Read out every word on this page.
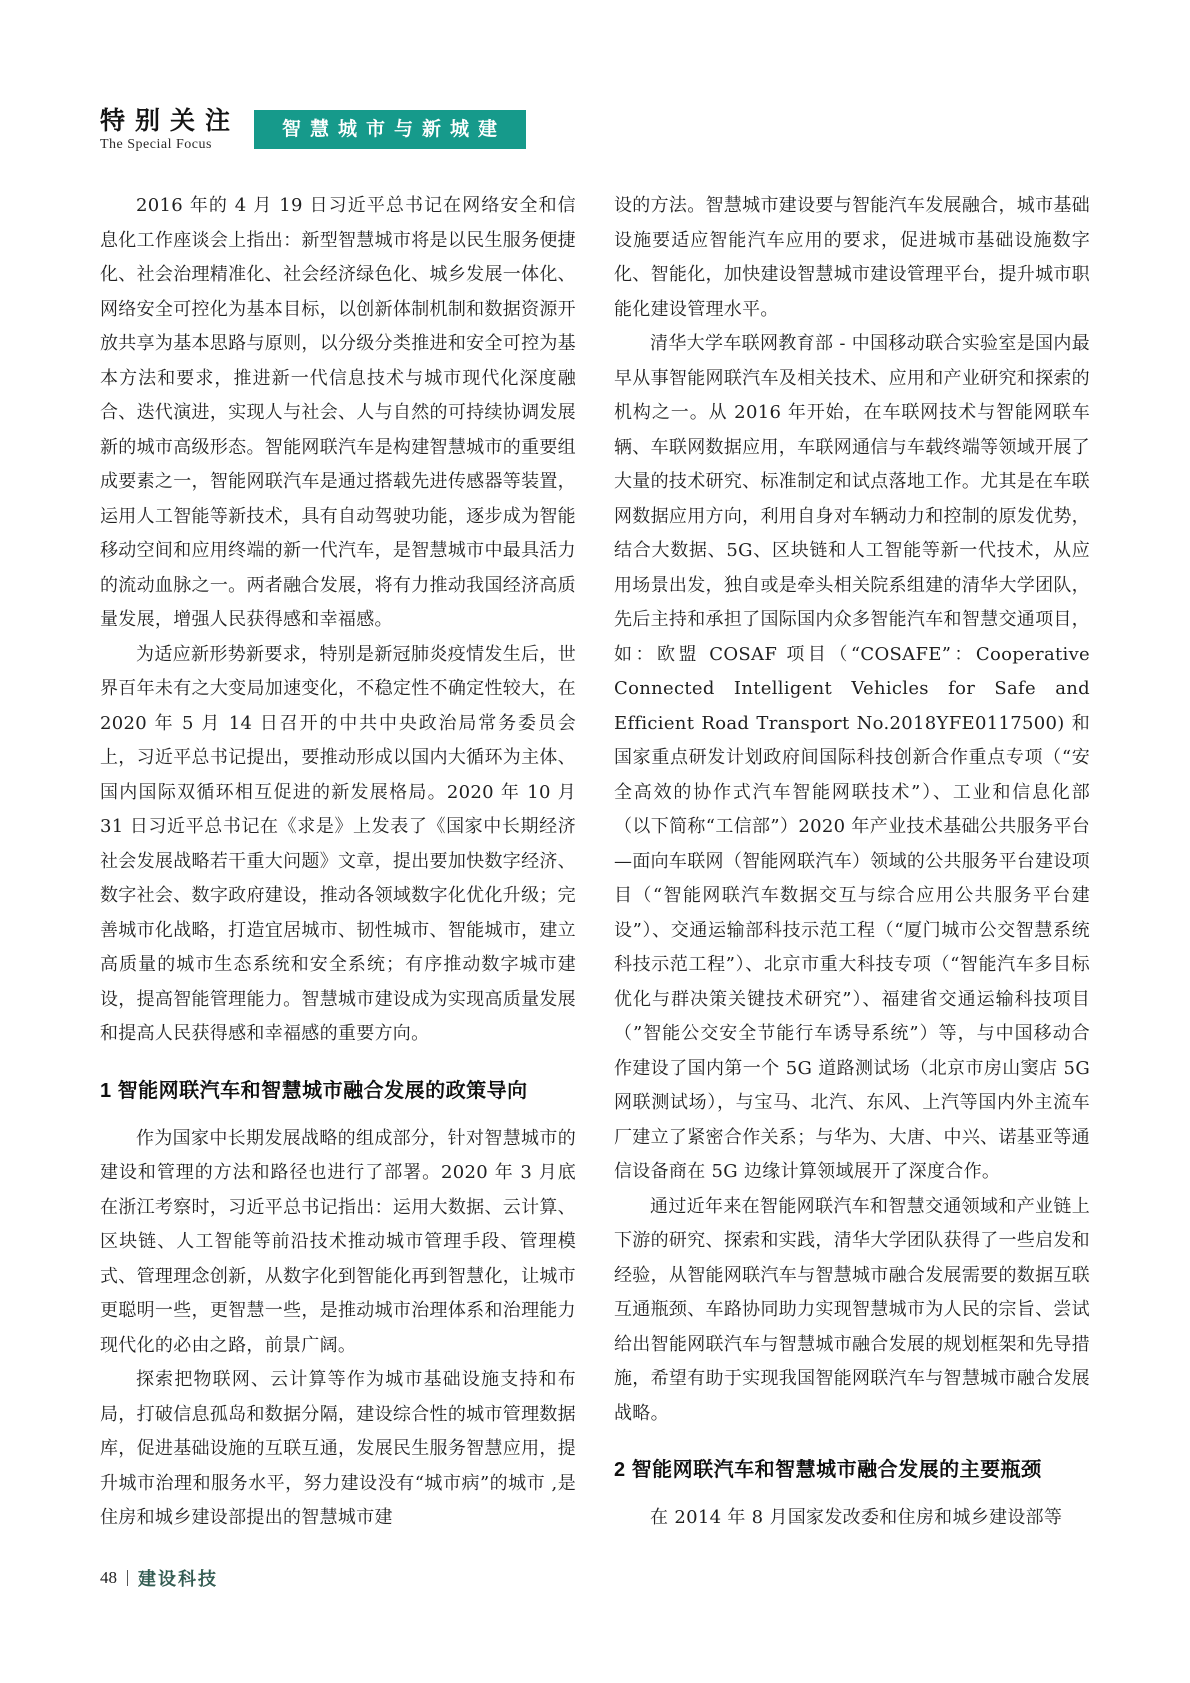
特别关注
The Special Focus
智慧城市与新城建

2016 年的 4 月 19 日习近平总书记在网络安全和信息化工作座谈会上指出：新型智慧城市将是以民生服务便捷化、社会治理精准化、社会经济绿色化、城乡发展一体化、网络安全可控化为基本目标，以创新体制机制和数据资源开放共享为基本思路与原则，以分级分类推进和安全可控为基本方法和要求，推进新一代信息技术与城市现代化深度融合、迭代演进，实现人与社会、人与自然的可持续协调发展新的城市高级形态。智能网联汽车是构建智慧城市的重要组成要素之一，智能网联汽车是通过搭载先进传感器等装置，运用人工智能等新技术，具有自动驾驶功能，逐步成为智能移动空间和应用终端的新一代汽车，是智慧城市中最具活力的流动血脉之一。两者融合发展，将有力推动我国经济高质量发展，增强人民获得感和幸福感。

为适应新形势新要求，特别是新冠肺炎疫情发生后，世界百年未有之大变局加速变化，不稳定性不确定性较大，在 2020 年 5 月 14 日召开的中共中央政治局常务委员会上，习近平总书记提出，要推动形成以国内大循环为主体、国内国际双循环相互促进的新发展格局。2020 年 10 月 31 日习近平总书记在《求是》上发表了《国家中长期经济社会发展战略若干重大问题》文章，提出要加快数字经济、数字社会、数字政府建设，推动各领域数字化优化升级；完善城市化战略，打造宜居城市、韧性城市、智能城市，建立高质量的城市生态系统和安全系统；有序推动数字城市建设，提高智能管理能力。智慧城市建设成为实现高质量发展和提高人民获得感和幸福感的重要方向。

1 智能网联汽车和智慧城市融合发展的政策导向

作为国家中长期发展战略的组成部分，针对智慧城市的建设和管理的方法和路径也进行了部署。2020 年 3 月底在浙江考察时，习近平总书记指出：运用大数据、云计算、区块链、人工智能等前沿技术推动城市管理手段、管理模式、管理理念创新，从数字化到智能化再到智慧化，让城市更聪明一些，更智慧一些，是推动城市治理体系和治理能力现代化的必由之路，前景广阔。

探索把物联网、云计算等作为城市基础设施支持和布局，打破信息孤岛和数据分隔，建设综合性的城市管理数据库，促进基础设施的互联互通，发展民生服务智慧应用，提升城市治理和服务水平，努力建设没有“城市病”的城市 ,是住房和城乡建设部提出的智慧城市建

设的方法。智慧城市建设要与智能汽车发展融合，城市基础设施要适应智能汽车应用的要求，促进城市基础设施数字化、智能化，加快建设智慧城市建设管理平台，提升城市职能化建设管理水平。

清华大学车联网教育部 - 中国移动联合实验室是国内最早从事智能网联汽车及相关技术、应用和产业研究和探索的机构之一。从 2016 年开始，在车联网技术与智能网联车辆、车联网数据应用，车联网通信与车载终端等领域开展了大量的技术研究、标准制定和试点落地工作。尤其是在车联网数据应用方向，利用自身对车辆动力和控制的原发优势，结合大数据、5G、区块链和人工智能等新一代技术，从应用场景出发，独自或是牵头相关院系组建的清华大学团队，先后主持和承担了国际国内众多智能汽车和智慧交通项目，如：欧盟 COSAF 项目（“COSAFE”：Cooperative Connected Intelligent Vehicles for Safe and Efficient Road Transport No.2018YFE0117500) 和国家重点研发计划政府间国际科技创新合作重点专项（“安全高效的协作式汽车智能网联技术”）、工业和信息化部（以下简称“工信部”）2020 年产业技术基础公共服务平台—面向车联网（智能网联汽车）领域的公共服务平台建设项目（“智能网联汽车数据交互与综合应用公共服务平台建设”）、交通运输部科技示范工程（“厦门城市公交智慧系统科技示范工程”）、北京市重大科技专项（“智能汽车多目标优化与群决策关键技术研究”）、福建省交通运输科技项目（”智能公交安全节能行车诱导系统”）等，与中国移动合作建设了国内第一个 5G 道路测试场（北京市房山窦店 5G 网联测试场），与宝马、北汽、东风、上汽等国内外主流车厂建立了紧密合作关系；与华为、大唐、中兴、诺基亚等通信设备商在 5G 边缘计算领域展开了深度合作。

通过近年来在智能网联汽车和智慧交通领域和产业链上下游的研究、探索和实践，清华大学团队获得了一些启发和经验，从智能网联汽车与智慧城市融合发展需要的数据互联互通瓶颈、车路协同助力实现智慧城市为人民的宗旨、尝试给出智能网联汽车与智慧城市融合发展的规划框架和先导措施，希望有助于实现我国智能网联汽车与智慧城市融合发展战略。

2 智能网联汽车和智慧城市融合发展的主要瓶颈

在 2014 年 8 月国家发改委和住房和城乡建设部等

48 建设科技
